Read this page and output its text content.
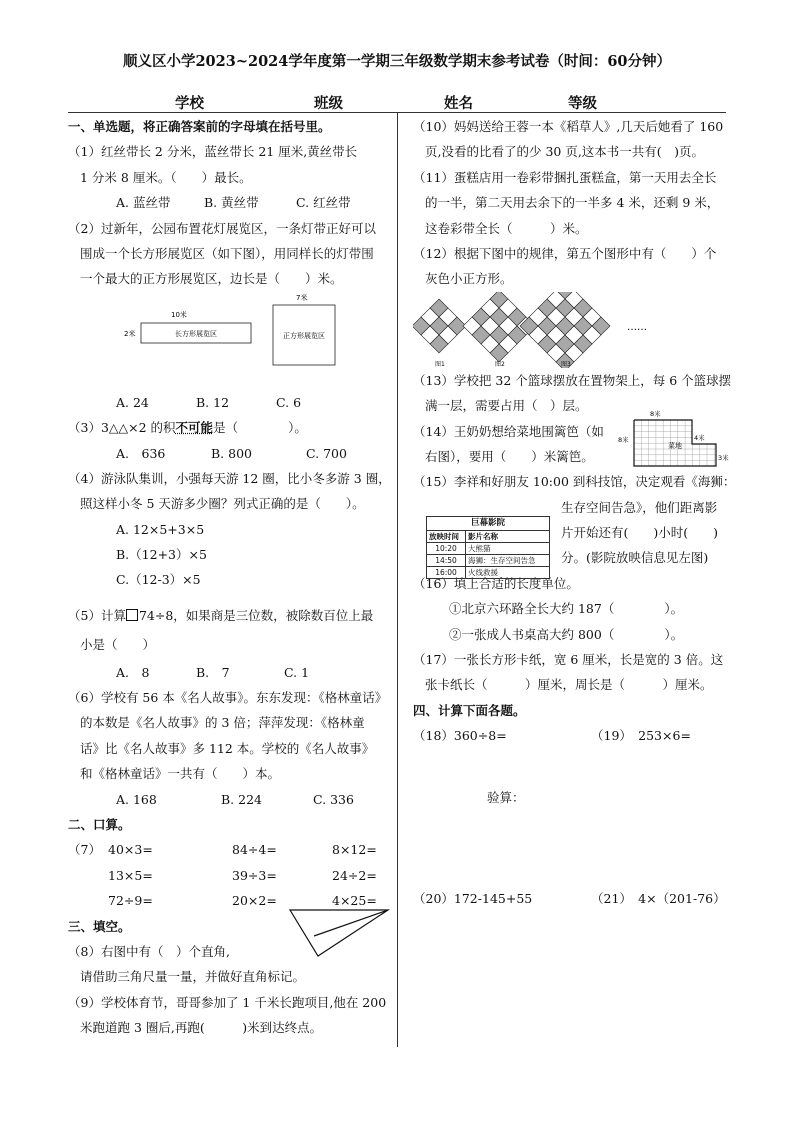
顺义区小学2023~2024学年度第一学期三年级数学期末参考试卷（时间：60分钟）
学校	班级	姓名	等级
一、单选题，将正确答案前的字母填在括号里。
（1）红丝带长 2 分米，蓝丝带长 21 厘米,黄丝带长
1 分米 8 厘米。（　　）最长。
A. 蓝丝带	B. 黄丝带	C. 红丝带
（2）过新年，公园布置花灯展览区，一条灯带正好可以
围成一个长方形展览区（如下图），用同样长的灯带围
一个最大的正方形展览区，边长是（　　）米。
10米
2米	长方形展览区
7米
正方形展览区
A. 24	B. 12	C. 6
（3）3△△×2 的积不可能是（　　　　）。
A.　636	B. 800	C. 700
（4）游泳队集训，小强每天游 12 圈，比小冬多游 3 圈，
照这样小冬 5 天游多少圈？列式正确的是（　　）。
A. 12×5+3×5
B.（12+3）×5
C.（12-3）×5
（5）计算 74÷8，如果商是三位数，被除数百位上最
小是（　　）
A.　8	B.　7	C. 1
（6）学校有 56 本《名人故事》。东东发现：《格林童话》
的本数是《名人故事》的 3 倍；萍萍发现：《格林童
话》比《名人故事》多 112 本。学校的《名人故事》
和《格林童话》一共有（　　）本。
A. 168	B. 224	C. 336
二、口算。
（7） 40×3=	84÷4=	8×12=
13×5=	39÷3=	24÷2=
72÷9=	20×2=	4×25=
三、填空。
（8）右图中有（　）个直角,
请借助三角尺量一量，并做好直角标记。
（9）学校体育节，哥哥参加了 1 千米长跑项目,他在 200
米跑道跑 3 圈后,再跑(　　　)米到达终点。
（10）妈妈送给王蓉一本《稻草人》,几天后她看了 160
页,没看的比看了的少 30 页,这本书一共有(　)页。
（11）蛋糕店用一卷彩带捆扎蛋糕盒，第一天用去全长
的一半，第二天用去余下的一半多 4 米，还剩 9 米，
这卷彩带全长（　　　）米。
（12）根据下图中的规律，第五个图形中有（　　）个
灰色小正方形。
图1	图2	图3
……
（13）学校把 32 个篮球摆放在置物架上，每 6 个篮球摆
满一层，需要占用（　）层。
（14）王奶奶想给菜地围篱笆（如
右图），要用（　　）米篱笆。
（15）李祥和好朋友 10:00 到科技馆，决定观看《海狮：
生存空间告急》，他们距离影
片开始还有(　　)小时(　　)
分。(影院放映信息见左图)
（16）填上合适的长度单位。
①北京六环路全长大约 187（　　　　）。
②一张成人书桌高大约 800（　　　　）。
（17）一张长方形卡纸，宽 6 厘米，长是宽的 3 倍。这
张卡纸长（　　　）厘米，周长是（　　　）厘米。
四、计算下面各题。
（18）360÷8=	（19）　253×6=
验算：
（20）172-145+55	（21）　4×（201-76）
8米
8米
菜地
4米
3米
巨幕影院
放映时间	影片名称
10:20	大熊猫
14:50	海狮：生存空间告急
16:00	火线救援
